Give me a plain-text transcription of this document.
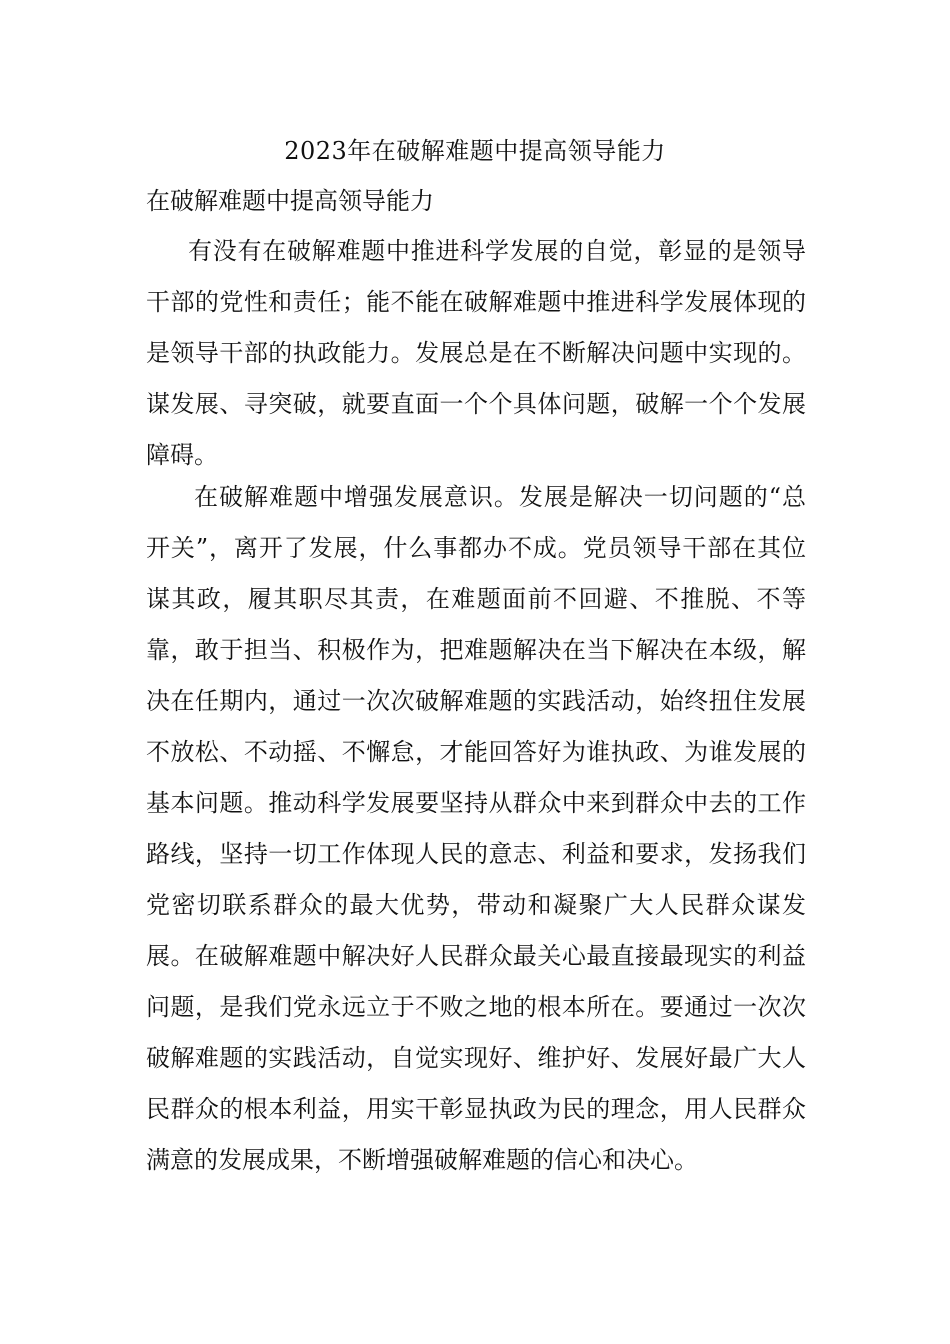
2023年在破解难题中提高领导能力
在破解难题中提高领导能力

有没有在破解难题中推进科学发展的自觉，彰显的是领导干部的党性和责任；能不能在破解难题中推进科学发展体现的是领导干部的执政能力。发展总是在不断解决问题中实现的。谋发展、寻突破，就要直面一个个具体问题，破解一个个发展障碍。

在破解难题中增强发展意识。发展是解决一切问题的“总开关”，离开了发展，什么事都办不成。党员领导干部在其位谋其政，履其职尽其责，在难题面前不回避、不推脱、不等靠，敢于担当、积极作为，把难题解决在当下解决在本级，解决在任期内，通过一次次破解难题的实践活动，始终扭住发展不放松、不动摇、不懈怠，才能回答好为谁执政、为谁发展的基本问题。推动科学发展要坚持从群众中来到群众中去的工作路线，坚持一切工作体现人民的意志、利益和要求，发扬我们党密切联系群众的最大优势，带动和凝聚广大人民群众谋发展。在破解难题中解决好人民群众最关心最直接最现实的利益问题，是我们党永远立于不败之地的根本所在。要通过一次次破解难题的实践活动，自觉实现好、维护好、发展好最广大人民群众的根本利益，用实干彰显执政为民的理念，用人民群众满意的发展成果，不断增强破解难题的信心和决心。
